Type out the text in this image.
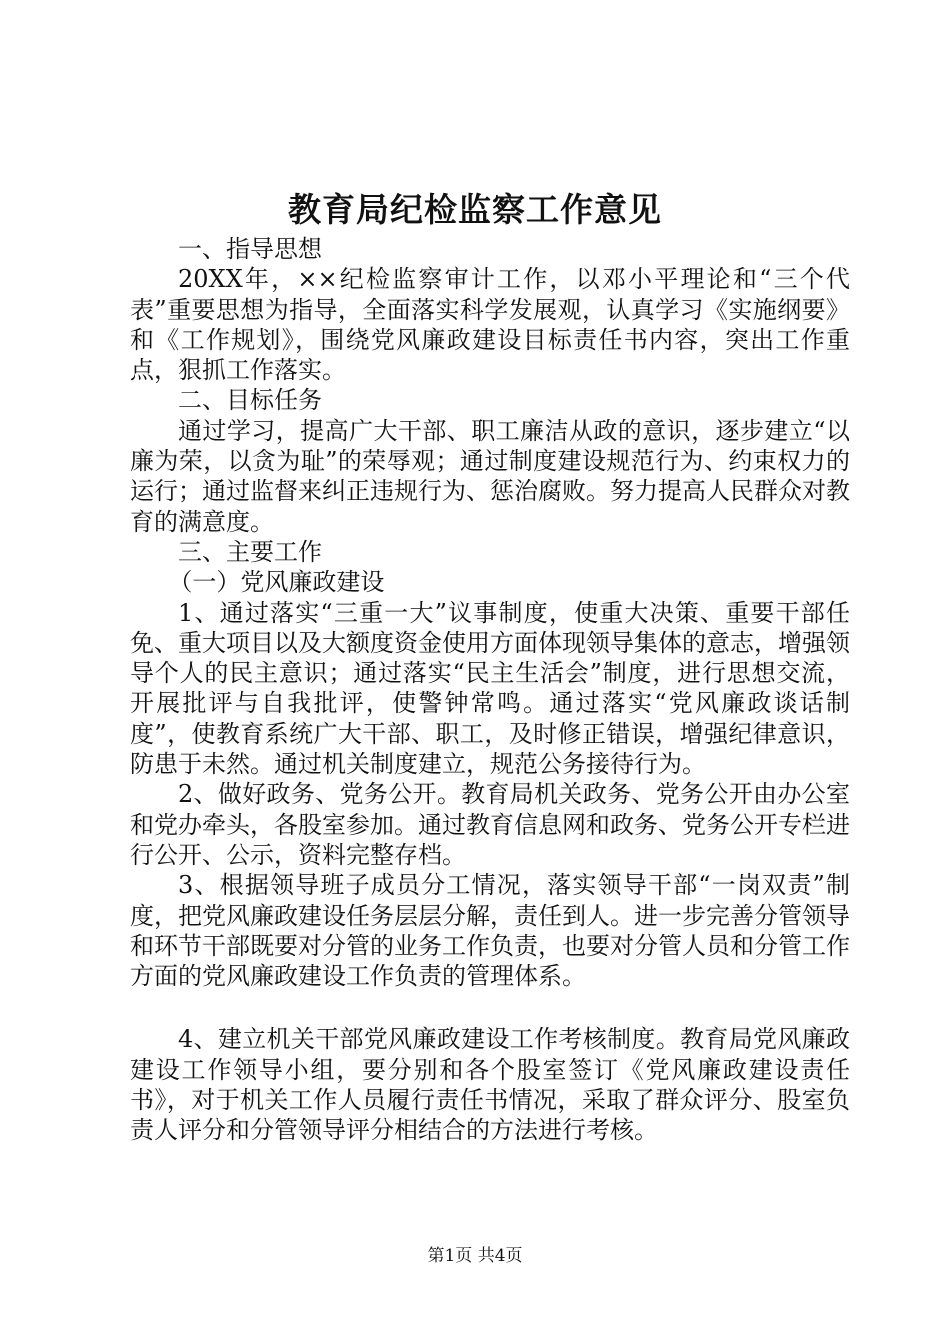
教育局纪检监察工作意见

一、指导思想

20XX年，××纪检监察审计工作，以邓小平理论和“三个代表”重要思想为指导，全面落实科学发展观，认真学习《实施纲要》和《工作规划》，围绕党风廉政建设目标责任书内容，突出工作重点，狠抓工作落实。

二、目标任务

通过学习，提高广大干部、职工廉洁从政的意识，逐步建立“以廉为荣，以贪为耻”的荣辱观；通过制度建设规范行为、约束权力的运行；通过监督来纠正违规行为、惩治腐败。努力提高人民群众对教育的满意度。

三、主要工作

（一）党风廉政建设

1、通过落实“三重一大”议事制度，使重大决策、重要干部任免、重大项目以及大额度资金使用方面体现领导集体的意志，增强领导个人的民主意识；通过落实“民主生活会”制度，进行思想交流，开展批评与自我批评，使警钟常鸣。通过落实“党风廉政谈话制度”，使教育系统广大干部、职工，及时修正错误，增强纪律意识，防患于未然。通过机关制度建立，规范公务接待行为。

2、做好政务、党务公开。教育局机关政务、党务公开由办公室和党办牵头，各股室参加。通过教育信息网和政务、党务公开专栏进行公开、公示，资料完整存档。

3、根据领导班子成员分工情况，落实领导干部“一岗双责”制度，把党风廉政建设任务层层分解，责任到人。进一步完善分管领导和环节干部既要对分管的业务工作负责，也要对分管人员和分管工作方面的党风廉政建设工作负责的管理体系。

4、建立机关干部党风廉政建设工作考核制度。教育局党风廉政建设工作领导小组，要分别和各个股室签订《党风廉政建设责任书》，对于机关工作人员履行责任书情况，采取了群众评分、股室负责人评分和分管领导评分相结合的方法进行考核。

第1页 共4页
